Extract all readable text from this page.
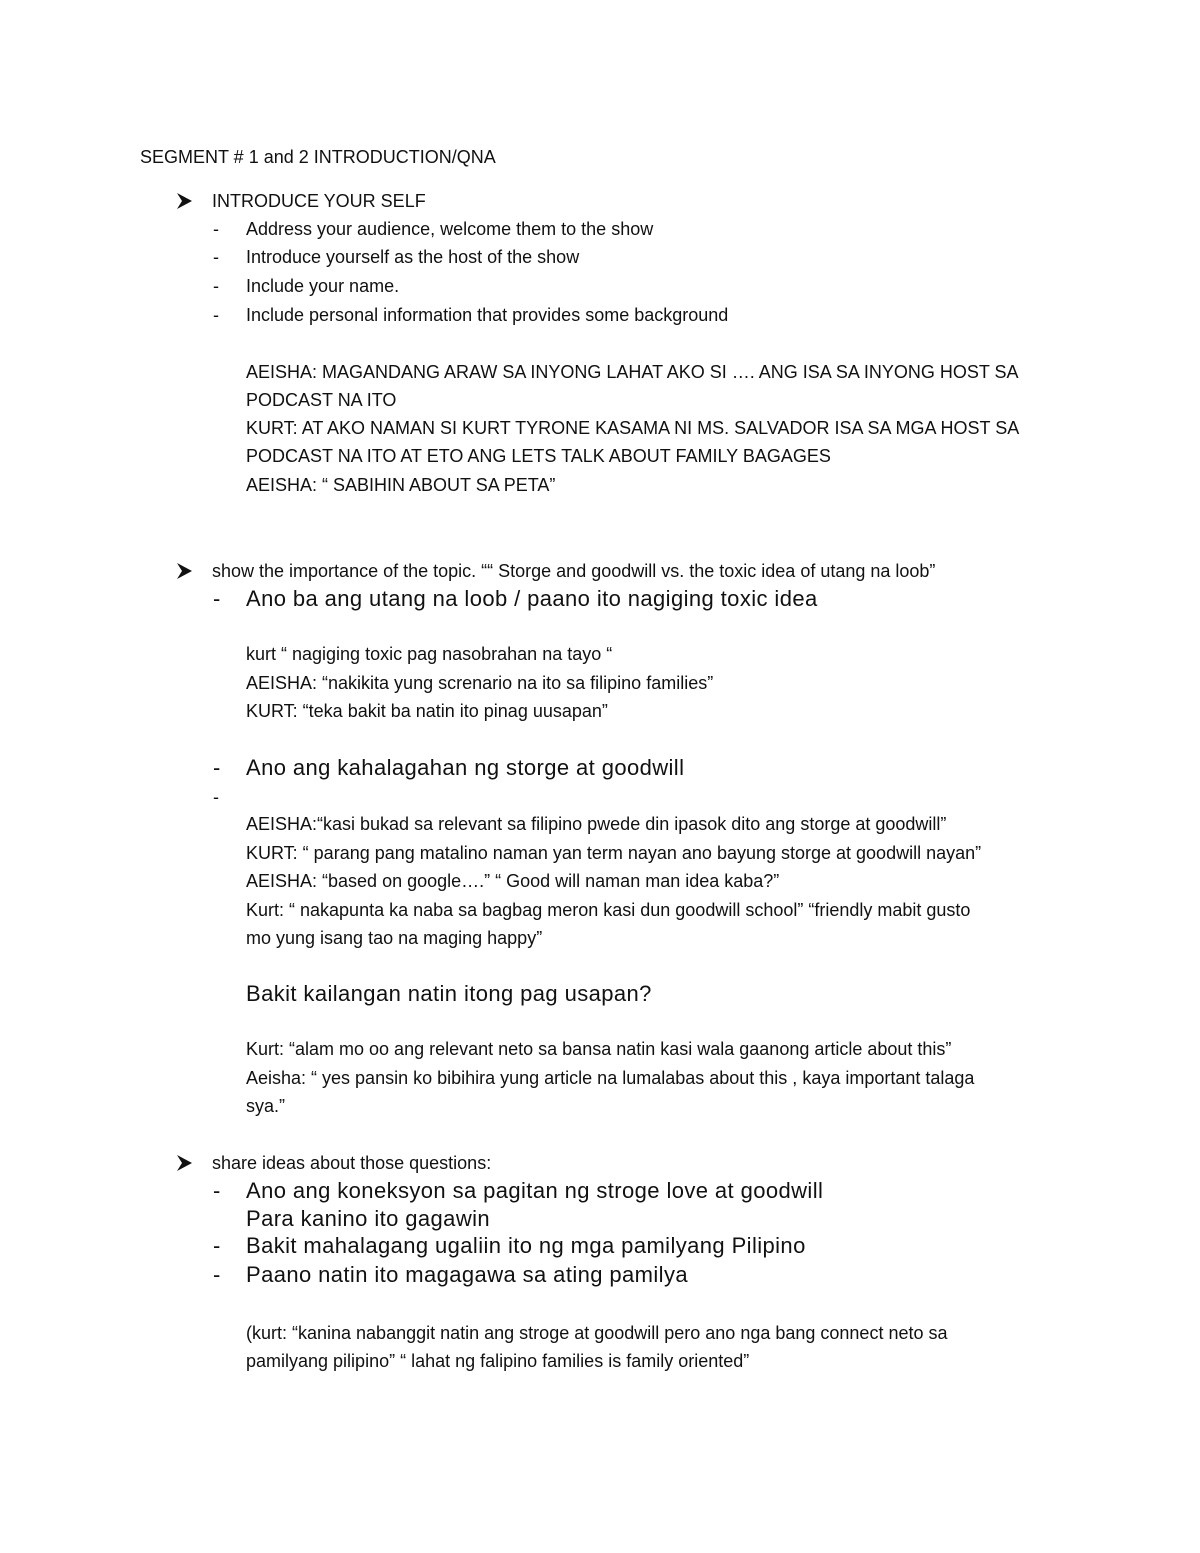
SEGMENT # 1 and 2 INTRODUCTION/QNA
INTRODUCE YOUR SELF
- Address your audience, welcome them to the show
- Introduce yourself as the host of the show
- Include your name.
- Include personal information that provides some background
AEISHA: MAGANDANG ARAW SA INYONG LAHAT AKO SI …. ANG ISA SA INYONG HOST SA
PODCAST NA ITO
KURT: AT AKO NAMAN SI KURT TYRONE KASAMA NI MS. SALVADOR ISA SA MGA HOST SA
PODCAST NA ITO AT ETO ANG LETS TALK ABOUT FAMILY BAGAGES
AEISHA: “ SABIHIN ABOUT SA PETA”
show the importance of the topic. ““ Storge and goodwill vs. the toxic idea of utang na loob”
- Ano ba ang utang na loob / paano ito nagiging toxic idea
kurt “ nagiging toxic pag nasobrahan na tayo “
AEISHA: “nakikita yung screnario na ito sa filipino families”
KURT: “teka bakit ba natin ito pinag uusapan”
- Ano ang kahalagahan ng storge at goodwill
-
AEISHA:“kasi bukad sa relevant sa filipino pwede din ipasok dito ang storge at goodwill”
KURT: “ parang pang matalino naman yan term nayan ano bayung storge at goodwill nayan”
AEISHA: “based on google….” “ Good will naman man idea kaba?”
Kurt: “ nakapunta ka naba sa bagbag meron kasi dun goodwill school” “friendly mabit gusto
mo yung isang tao na maging happy”
Bakit kailangan natin itong pag usapan?
Kurt: “alam mo oo ang relevant neto sa bansa natin kasi wala gaanong article about this”
Aeisha: “ yes pansin ko bibihira yung article na lumalabas about this , kaya important talaga
sya.”
share ideas about those questions:
- Ano ang koneksyon sa pagitan ng stroge love at goodwill
Para kanino ito gagawin
- Bakit mahalagang ugaliin ito ng mga pamilyang Pilipino
- Paano natin ito magagawa sa ating pamilya
(kurt: “kanina nabanggit natin ang stroge at goodwill pero ano nga bang connect neto sa
pamilyang pilipino” “ lahat ng falipino families is family oriented”
